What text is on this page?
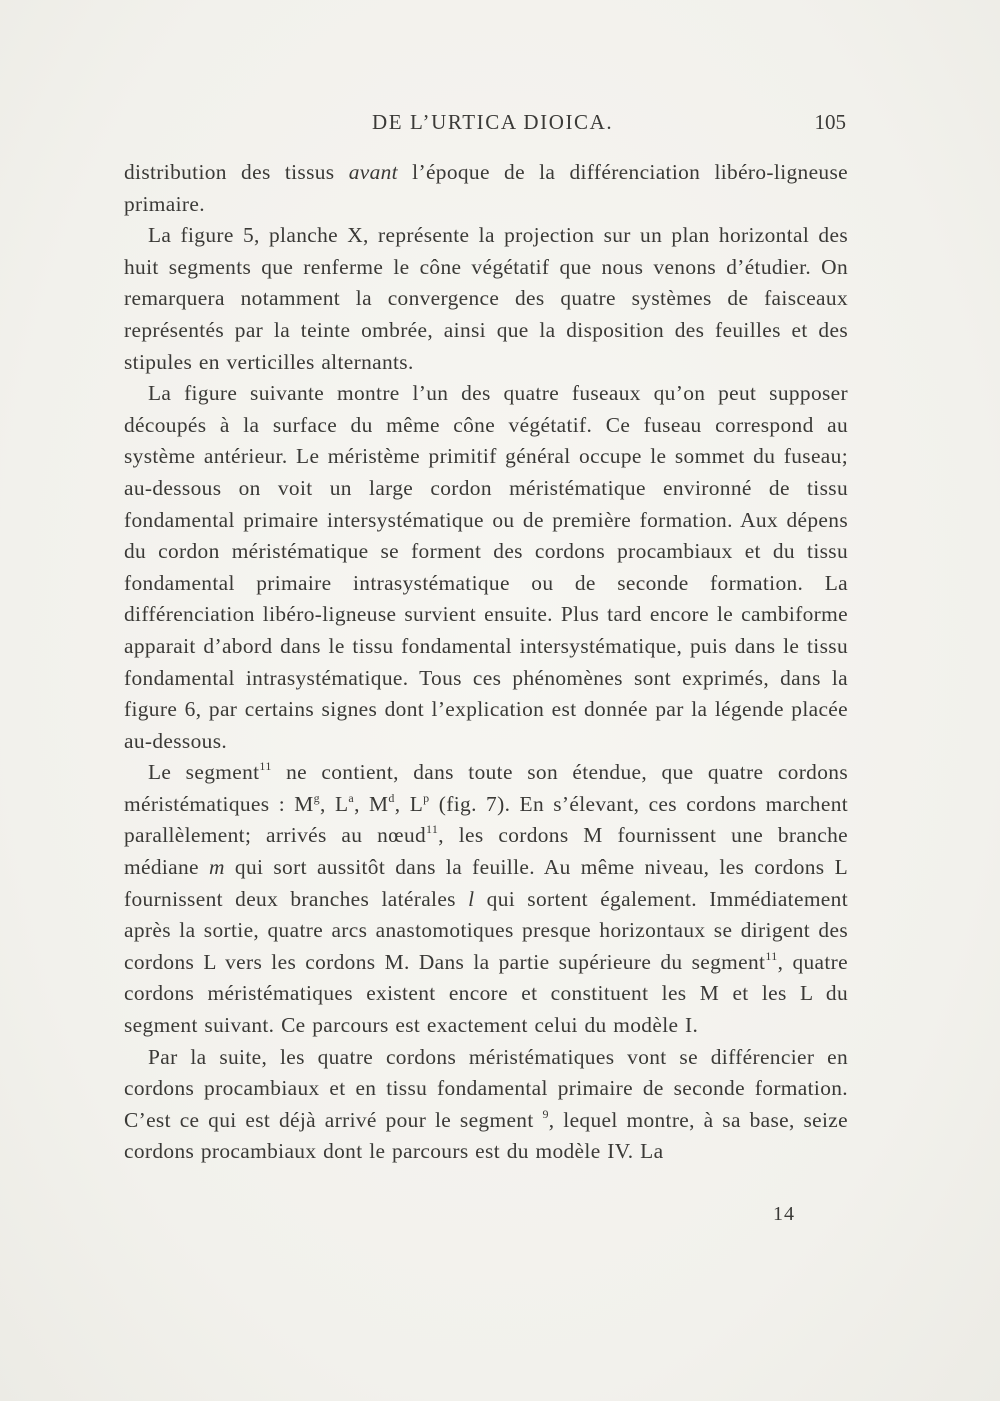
DE L’URTICA DIOICA.	105

distribution des tissus avant l’époque de la différenciation libéro-ligneuse primaire.

La figure 5, planche X, représente la projection sur un plan horizontal des huit segments que renferme le cône végétatif que nous venons d’étudier. On remarquera notamment la convergence des quatre systèmes de faisceaux représentés par la teinte ombrée, ainsi que la disposition des feuilles et des stipules en verticilles alternants.

La figure suivante montre l’un des quatre fuseaux qu’on peut supposer découpés à la surface du même cône végétatif. Ce fuseau correspond au système antérieur. Le méristème primitif général occupe le sommet du fuseau; au-dessous on voit un large cordon méristématique environné de tissu fondamental primaire intersystématique ou de première formation. Aux dépens du cordon méristématique se forment des cordons procambiaux et du tissu fondamental primaire intrasystématique ou de seconde formation. La différenciation libéro-ligneuse survient ensuite. Plus tard encore le cambiforme apparait d’abord dans le tissu fondamental intersystématique, puis dans le tissu fondamental intrasystématique. Tous ces phénomènes sont exprimés, dans la figure 6, par certains signes dont l’explication est donnée par la légende placée au-dessous.

Le segment$^{11}$ ne contient, dans toute son étendue, que quatre cordons méristématiques : $M^g$, $L^a$, $M^d$, $L^p$ (fig. 7). En s’élevant, ces cordons marchent parallèlement; arrivés au nœud$^{11}$, les cordons M fournissent une branche médiane m qui sort aussitôt dans la feuille. Au même niveau, les cordons L fournissent deux branches latérales l qui sortent également. Immédiatement après la sortie, quatre arcs anastomotiques presque horizontaux se dirigent des cordons L vers les cordons M. Dans la partie supérieure du segment$^{11}$, quatre cordons méristématiques existent encore et constituent les M et les L du segment suivant. Ce parcours est exactement celui du modèle I.

Par la suite, les quatre cordons méristématiques vont se différencier en cordons procambiaux et en tissu fondamental primaire de seconde formation. C’est ce qui est déjà arrivé pour le segment $^9$, lequel montre, à sa base, seize cordons procambiaux dont le parcours est du modèle IV. La

14
